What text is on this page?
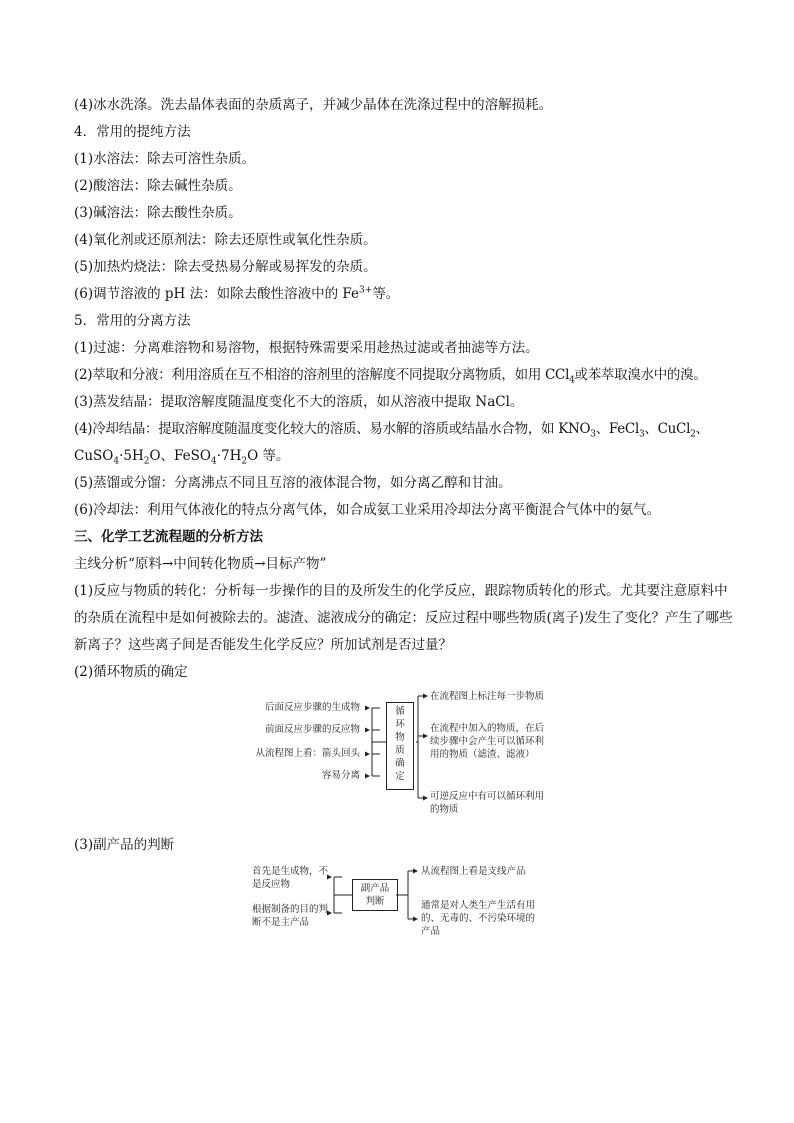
(4)冰水洗涤。洗去晶体表面的杂质离子，并减少晶体在洗涤过程中的溶解损耗。
4．常用的提纯方法
(1)水溶法：除去可溶性杂质。
(2)酸溶法：除去碱性杂质。
(3)碱溶法：除去酸性杂质。
(4)氧化剂或还原剂法：除去还原性或氧化性杂质。
(5)加热灼烧法：除去受热易分解或易挥发的杂质。
(6)调节溶液的 pH 法：如除去酸性溶液中的 $Fe^{3+}$等。
5．常用的分离方法
(1)过滤：分离难溶物和易溶物，根据特殊需要采用趁热过滤或者抽滤等方法。
(2)萃取和分液：利用溶质在互不相溶的溶剂里的溶解度不同提取分离物质，如用 CCl$_4$或苯萃取溴水中的溴。
(3)蒸发结晶：提取溶解度随温度变化不大的溶质，如从溶液中提取 NaCl。
(4)冷却结晶：提取溶解度随温度变化较大的溶质、易水解的溶质或结晶水合物，如 $KNO_3$、FeCl$_3$、CuCl$_2$、
$CuSO_4\cdot 5H_2O$、$FeSO_4\cdot 7H_2O$ 等。
(5)蒸馏或分馏：分离沸点不同且互溶的液体混合物，如分离乙醇和甘油。
(6)冷却法：利用气体液化的特点分离气体，如合成氨工业采用冷却法分离平衡混合气体中的氨气。
三、化学工艺流程题的分析方法
主线分析“原料→中间转化物质→目标产物”
(1)反应与物质的转化：分析每一步操作的目的及所发生的化学反应，跟踪物质转化的形式。尤其要注意原料中的杂质在流程中是如何被除去的。滤渣、滤液成分的确定：反应过程中哪些物质(离子)发生了变化？产生了哪些新离子？这些离子间是否能发生化学反应？所加试剂是否过量？
(2)循环物质的确定
循环物质确定
后面反应步骤的生成物
前面反应步骤的反应物
从流程图上看：箭头回头
容易分离
在流程图上标注每一步物质
在流程中加入的物质，在后续步骤中会产生可以循环利用的物质（滤渣、滤液）
可逆反应中有可以循环利用的物质
(3)副产品的判断
副产品判断
首先是生成物，不是反应物
根据制备的目的判断不是主产品
从流程图上看是支线产品
通常是对人类生产生活有用的、无毒的、不污染环境的产品
